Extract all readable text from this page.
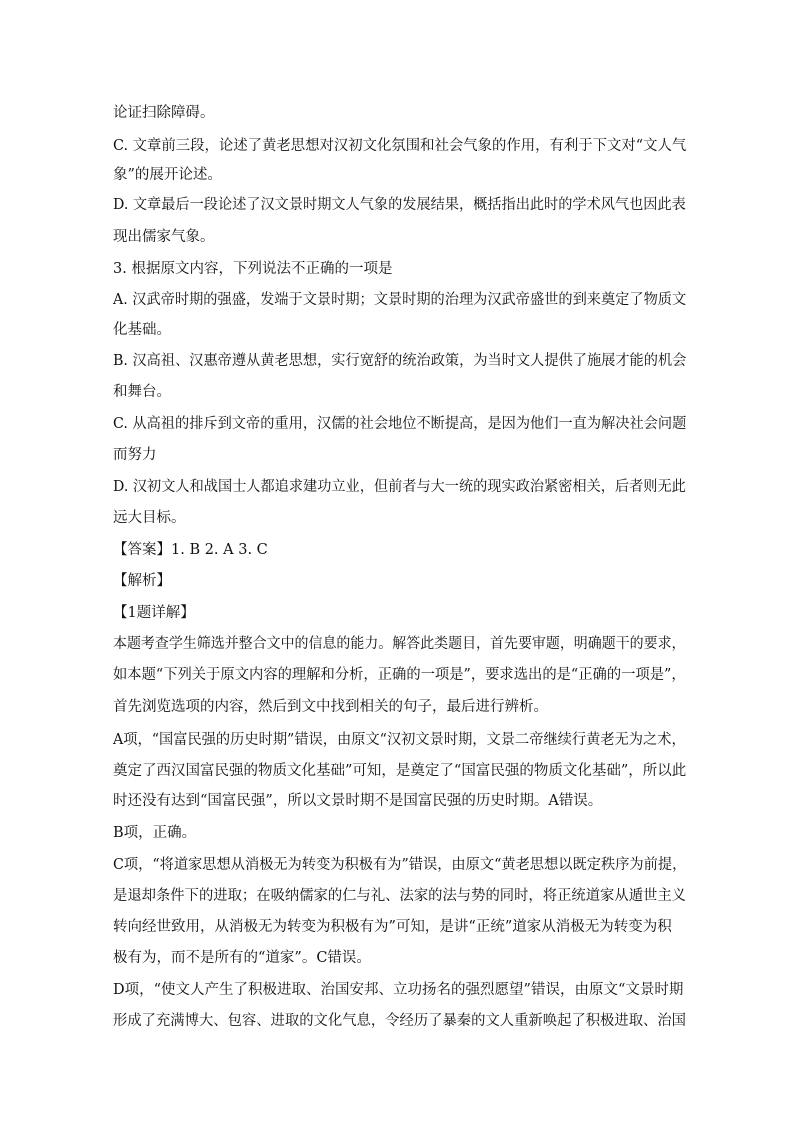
论证扫除障碍。
C. 文章前三段，论述了黄老思想对汉初文化氛围和社会气象的作用，有利于下文对“文人气
象”的展开论述。
D. 文章最后一段论述了汉文景时期文人气象的发展结果，概括指出此时的学术风气也因此表
现出儒家气象。
3. 根据原文内容，下列说法不正确的一项是
A. 汉武帝时期的强盛，发端于文景时期；文景时期的治理为汉武帝盛世的到来奠定了物质文
化基础。
B. 汉高祖、汉惠帝遵从黄老思想，实行宽舒的统治政策，为当时文人提供了施展才能的机会
和舞台。
C. 从高祖的排斥到文帝的重用，汉儒的社会地位不断提高，是因为他们一直为解决社会问题
而努力
D. 汉初文人和战国士人都追求建功立业，但前者与大一统的现实政治紧密相关，后者则无此
远大目标。
【答案】1. B 2. A 3. C
【解析】
【1题详解】
本题考查学生筛选并整合文中的信息的能力。解答此类题目，首先要审题，明确题干的要求，
如本题“下列关于原文内容的理解和分析，正确的一项是”，要求选出的是“正确的一项是”，
首先浏览选项的内容，然后到文中找到相关的句子，最后进行辨析。
A项，“国富民强的历史时期”错误，由原文“汉初文景时期，文景二帝继续行黄老无为之术，
奠定了西汉国富民强的物质文化基础”可知，是奠定了“国富民强的物质文化基础”，所以此
时还没有达到“国富民强”，所以文景时期不是国富民强的历史时期。A错误。
B项，正确。
C项，“将道家思想从消极无为转变为积极有为”错误，由原文“黄老思想以既定秩序为前提，
是退却条件下的进取；在吸纳儒家的仁与礼、法家的法与势的同时，将正统道家从遁世主义
转向经世致用，从消极无为转变为积极有为”可知，是讲“正统”道家从消极无为转变为积
极有为，而不是所有的“道家”。C错误。
D项，“使文人产生了积极进取、治国安邦、立功扬名的强烈愿望”错误，由原文“文景时期
形成了充满博大、包容、进取的文化气息，令经历了暴秦的文人重新唤起了积极进取、治国
